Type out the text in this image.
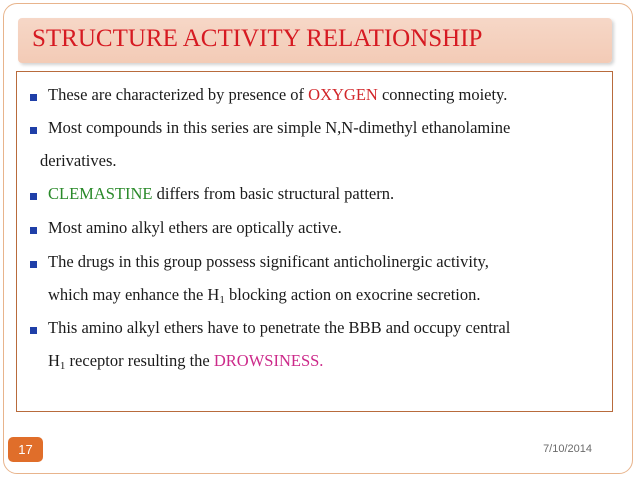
STRUCTURE ACTIVITY RELATIONSHIP
These are characterized by presence of OXYGEN connecting moiety.
Most compounds in this series are simple N,N-dimethyl ethanolamine
derivatives.
CLEMASTINE differs from basic structural pattern.
Most amino alkyl ethers are optically active.
The drugs in this group possess significant anticholinergic activity,
which may enhance the $H_1$ blocking action on exocrine secretion.
This amino alkyl ethers have to penetrate the BBB and occupy central
$H_1$ receptor resulting the DROWSINESS.
17	7/10/2014
